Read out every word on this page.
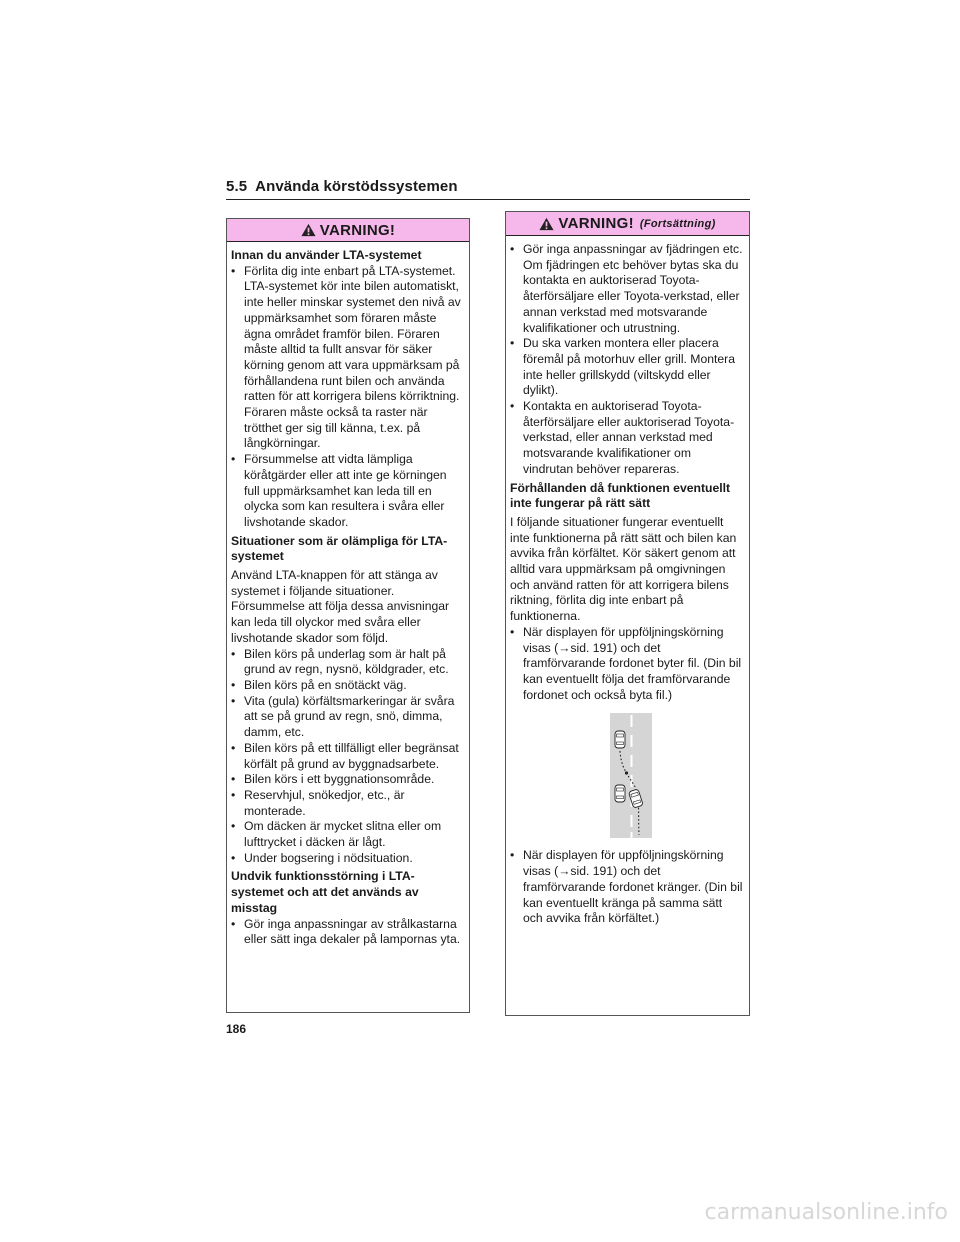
5.5 Använda körstödssystemen
VARNING!
Innan du använder LTA-systemet
• Förlita dig inte enbart på LTA-systemet. LTA-systemet kör inte bilen automatiskt, inte heller minskar systemet den nivå av uppmärksamhet som föraren måste ägna området framför bilen. Föraren måste alltid ta fullt ansvar för säker körning genom att vara uppmärksam på förhållandena runt bilen och använda ratten för att korrigera bilens körriktning. Föraren måste också ta raster när trötthet ger sig till känna, t.ex. på långkörningar.
• Försummelse att vidta lämpliga köråtgärder eller att inte ge körningen full uppmärksamhet kan leda till en olycka som kan resultera i svåra eller livshotande skador.
Situationer som är olämpliga för LTA-systemet

Använd LTA-knappen för att stänga av systemet i följande situationer. Försummelse att följa dessa anvisningar kan leda till olyckor med svåra eller livshotande skador som följd.

• Bilen körs på underlag som är halt på grund av regn, nysnö, köldgrader, etc.
• Bilen körs på en snötäckt väg.
• Vita (gula) körfältsmarkeringar är svåra att se på grund av regn, snö, dimma, damm, etc.
• Bilen körs på ett tillfälligt eller begränsat körfält på grund av byggnadsarbete.
• Bilen körs i ett byggnationsområde.
• Reservhjul, snökedjor, etc., är monterade.
• Om däcken är mycket slitna eller om lufttrycket i däcken är lågt.
• Under bogsering i nödsituation.
Undvik funktionsstörning i LTA-systemet och att det används av misstag
• Gör inga anpassningar av strålkastarna eller sätt inga dekaler på lampornas yta.
VARNING! (Fortsättning)
• Gör inga anpassningar av fjädringen etc. Om fjädringen etc behöver bytas ska du kontakta en auktoriserad Toyota-återförsäljare eller Toyota-verkstad, eller annan verkstad med motsvarande kvalifikationer och utrustning.
• Du ska varken montera eller placera föremål på motorhuv eller grill. Montera inte heller grillskydd (viltskydd eller dylikt).
• Kontakta en auktoriserad Toyota-återförsäljare eller auktoriserad Toyota-verkstad, eller annan verkstad med motsvarande kvalifikationer om vindrutan behöver repareras.
Förhållanden då funktionen eventuellt inte fungerar på rätt sätt

I följande situationer fungerar eventuellt inte funktionerna på rätt sätt och bilen kan avvika från körfältet. Kör säkert genom att alltid vara uppmärksam på omgivningen och använd ratten för att korrigera bilens riktning, förlita dig inte enbart på funktionerna.

• När displayen för uppföljningskörning visas (→sid. 191) och det framförvarande fordonet byter fil. (Din bil kan eventuellt följa det framförvarande fordonet och också byta fil.)
• När displayen för uppföljningskörning visas (→sid. 191) och det framförvarande fordonet kränger. (Din bil kan eventuellt kränga på samma sätt och avvika från körfältet.)
186
carmanualsonline.info
